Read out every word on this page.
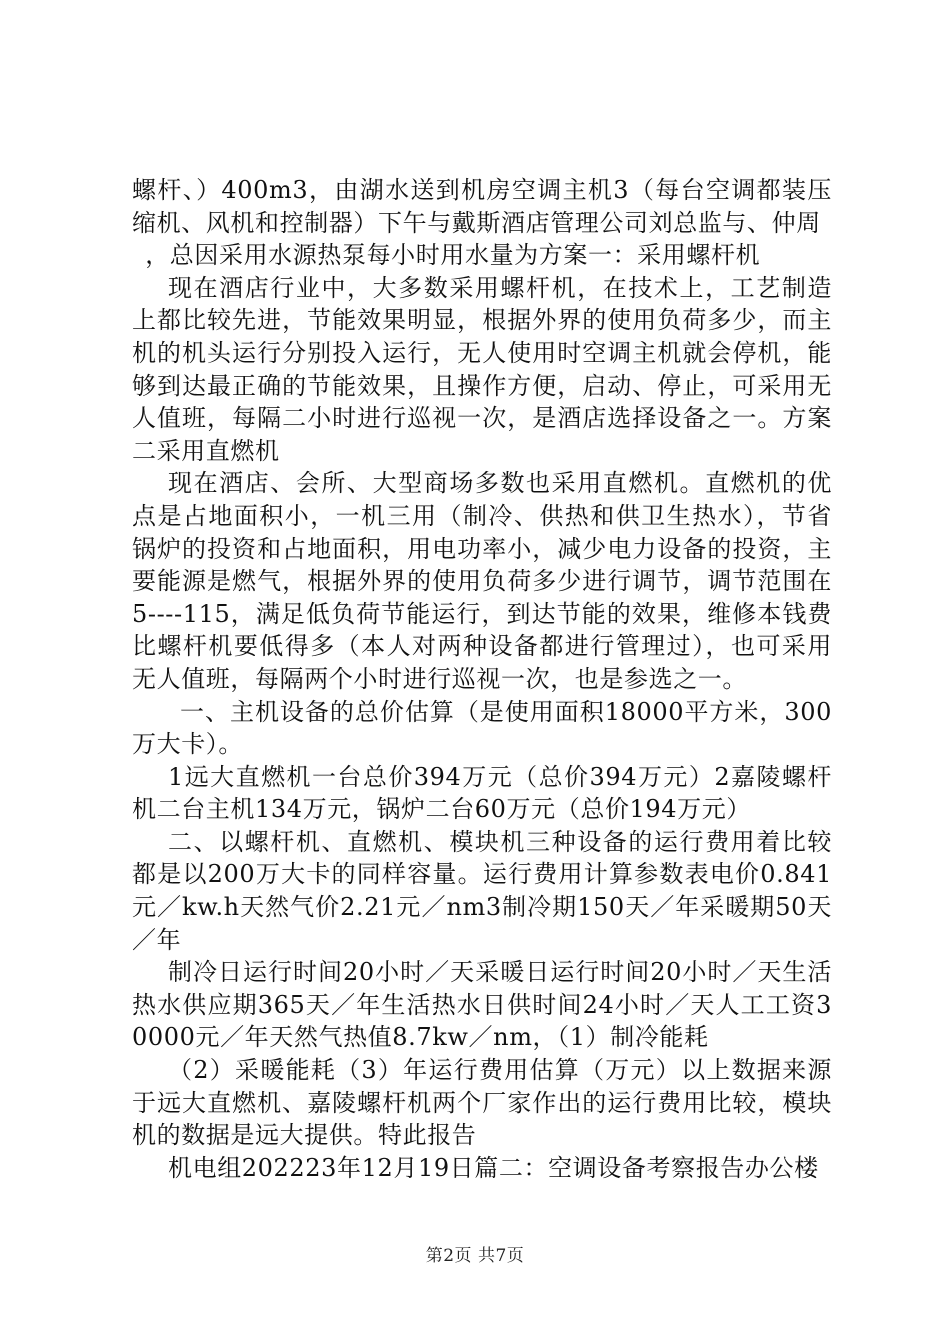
螺杆、）400m3，由湖水送到机房空调主机3（每台空调都装压缩机、风机和控制器）下午与戴斯酒店管理公司刘总监与、仲周

，总因采用水源热泵每小时用水量为方案一：采用螺杆机

现在酒店行业中，大多数采用螺杆机，在技术上，工艺制造上都比较先进，节能效果明显，根据外界的使用负荷多少，而主机的机头运行分别投入运行，无人使用时空调主机就会停机，能够到达最正确的节能效果，且操作方便，启动、停止，可采用无人值班，每隔二小时进行巡视一次，是酒店选择设备之一。方案二采用直燃机

现在酒店、会所、大型商场多数也采用直燃机。直燃机的优点是占地面积小，一机三用（制冷、供热和供卫生热水），节省锅炉的投资和占地面积，用电功率小，减少电力设备的投资，主要能源是燃气，根据外界的使用负荷多少进行调节，调节范围在5----115，满足低负荷节能运行，到达节能的效果，维修本钱费比螺杆机要低得多（本人对两种设备都进行管理过），也可采用无人值班，每隔两个小时进行巡视一次，也是参选之一。

一、主机设备的总价估算（是使用面积18000平方米，300万大卡）。

1远大直燃机一台总价394万元（总价394万元）2嘉陵螺杆机二台主机134万元，锅炉二台60万元（总价194万元）

二、以螺杆机、直燃机、模块机三种设备的运行费用着比较都是以200万大卡的同样容量。运行费用计算参数表电价0.841元／kw.h天然气价2.21元／nm3制冷期150天／年采暖期50天／年

制冷日运行时间20小时／天采暖日运行时间20小时／天生活热水供应期365天／年生活热水日供时间24小时／天人工工资30000元／年天然气热值8.7kw／nm，（1）制冷能耗

（2）采暖能耗（3）年运行费用估算（万元）以上数据来源于远大直燃机、嘉陵螺杆机两个厂家作出的运行费用比较，模块机的数据是远大提供。特此报告

机电组202223年12月19日篇二：空调设备考察报告办公楼

第2页 共7页
